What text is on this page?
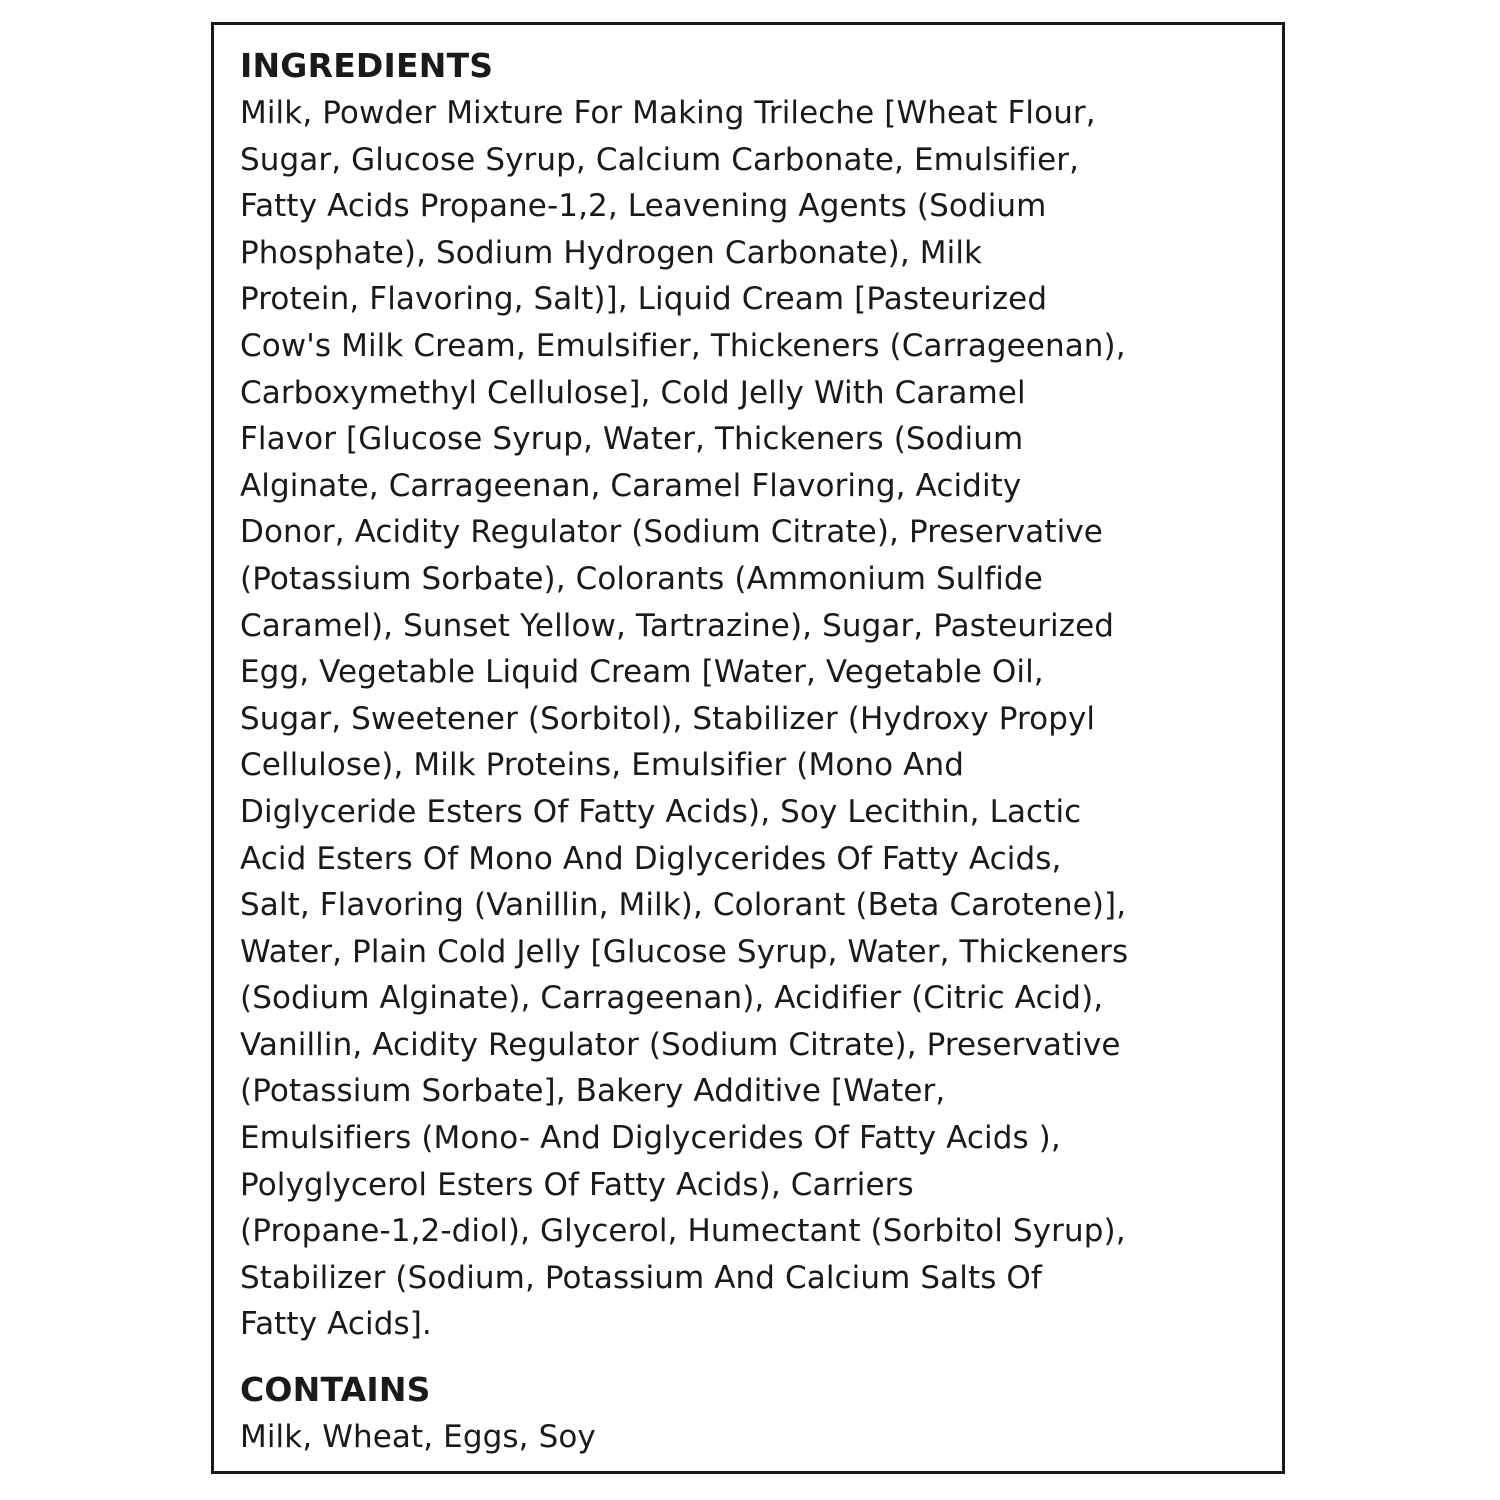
INGREDIENTS
Milk, Powder Mixture For Making Trileche [Wheat Flour,
Sugar, Glucose Syrup, Calcium Carbonate, Emulsifier,
Fatty Acids Propane-1,2, Leavening Agents (Sodium
Phosphate), Sodium Hydrogen Carbonate), Milk
Protein, Flavoring, Salt)], Liquid Cream [Pasteurized
Cow's Milk Cream, Emulsifier, Thickeners (Carrageenan),
Carboxymethyl Cellulose], Cold Jelly With Caramel
Flavor [Glucose Syrup, Water, Thickeners (Sodium
Alginate, Carrageenan, Caramel Flavoring, Acidity
Donor, Acidity Regulator (Sodium Citrate), Preservative
(Potassium Sorbate), Colorants (Ammonium Sulfide
Caramel), Sunset Yellow, Tartrazine), Sugar, Pasteurized
Egg, Vegetable Liquid Cream [Water, Vegetable Oil,
Sugar, Sweetener (Sorbitol), Stabilizer (Hydroxy Propyl
Cellulose), Milk Proteins, Emulsifier (Mono And
Diglyceride Esters Of Fatty Acids), Soy Lecithin, Lactic
Acid Esters Of Mono And Diglycerides Of Fatty Acids,
Salt, Flavoring (Vanillin, Milk), Colorant (Beta Carotene)],
Water, Plain Cold Jelly [Glucose Syrup, Water, Thickeners
(Sodium Alginate), Carrageenan), Acidifier (Citric Acid),
Vanillin, Acidity Regulator (Sodium Citrate), Preservative
(Potassium Sorbate], Bakery Additive [Water,
Emulsifiers (Mono- And Diglycerides Of Fatty Acids ),
Polyglycerol Esters Of Fatty Acids), Carriers
(Propane-1,2-diol), Glycerol, Humectant (Sorbitol Syrup),
Stabilizer (Sodium, Potassium And Calcium Salts Of
Fatty Acids].
CONTAINS
Milk, Wheat, Eggs, Soy
